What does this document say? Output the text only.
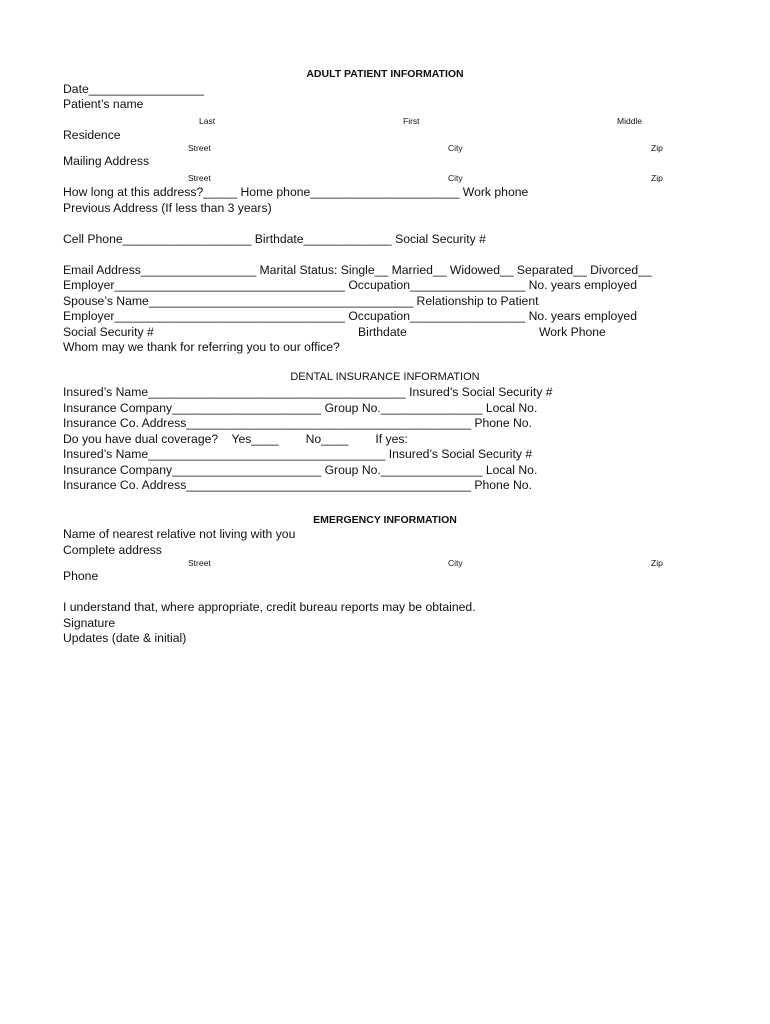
ADULT PATIENT INFORMATION
Date_________________
Patient’s name
Last	First	Middle
Residence
Street	City	Zip
Mailing Address
Street	City	Zip
How long at this address?_____ Home phone______________________ Work phone
Previous Address (If less than 3 years)
Cell Phone___________________ Birthdate_____________ Social Security #
Email Address_________________ Marital Status: Single__ Married__ Widowed__ Separated__ Divorced__
Employer__________________________________ Occupation_________________ No. years employed
Spouse’s Name_______________________________________ Relationship to Patient
Employer__________________________________ Occupation_________________ No. years employed
Social Security #	Birthdate	Work Phone
Whom may we thank for referring you to our office?
DENTAL INSURANCE INFORMATION
Insured’s Name______________________________________ Insured’s Social Security #
Insurance Company______________________ Group No._______________ Local No.
Insurance Co. Address__________________________________________ Phone No.
Do you have dual coverage?    Yes____        No____        If yes:
Insured’s Name___________________________________ Insured’s Social Security #
Insurance Company______________________ Group No._______________ Local No.
Insurance Co. Address__________________________________________ Phone No.
EMERGENCY INFORMATION
Name of nearest relative not living with you
Complete address
Street	City	Zip
Phone
I understand that, where appropriate, credit bureau reports may be obtained.
Signature
Updates (date & initial)
